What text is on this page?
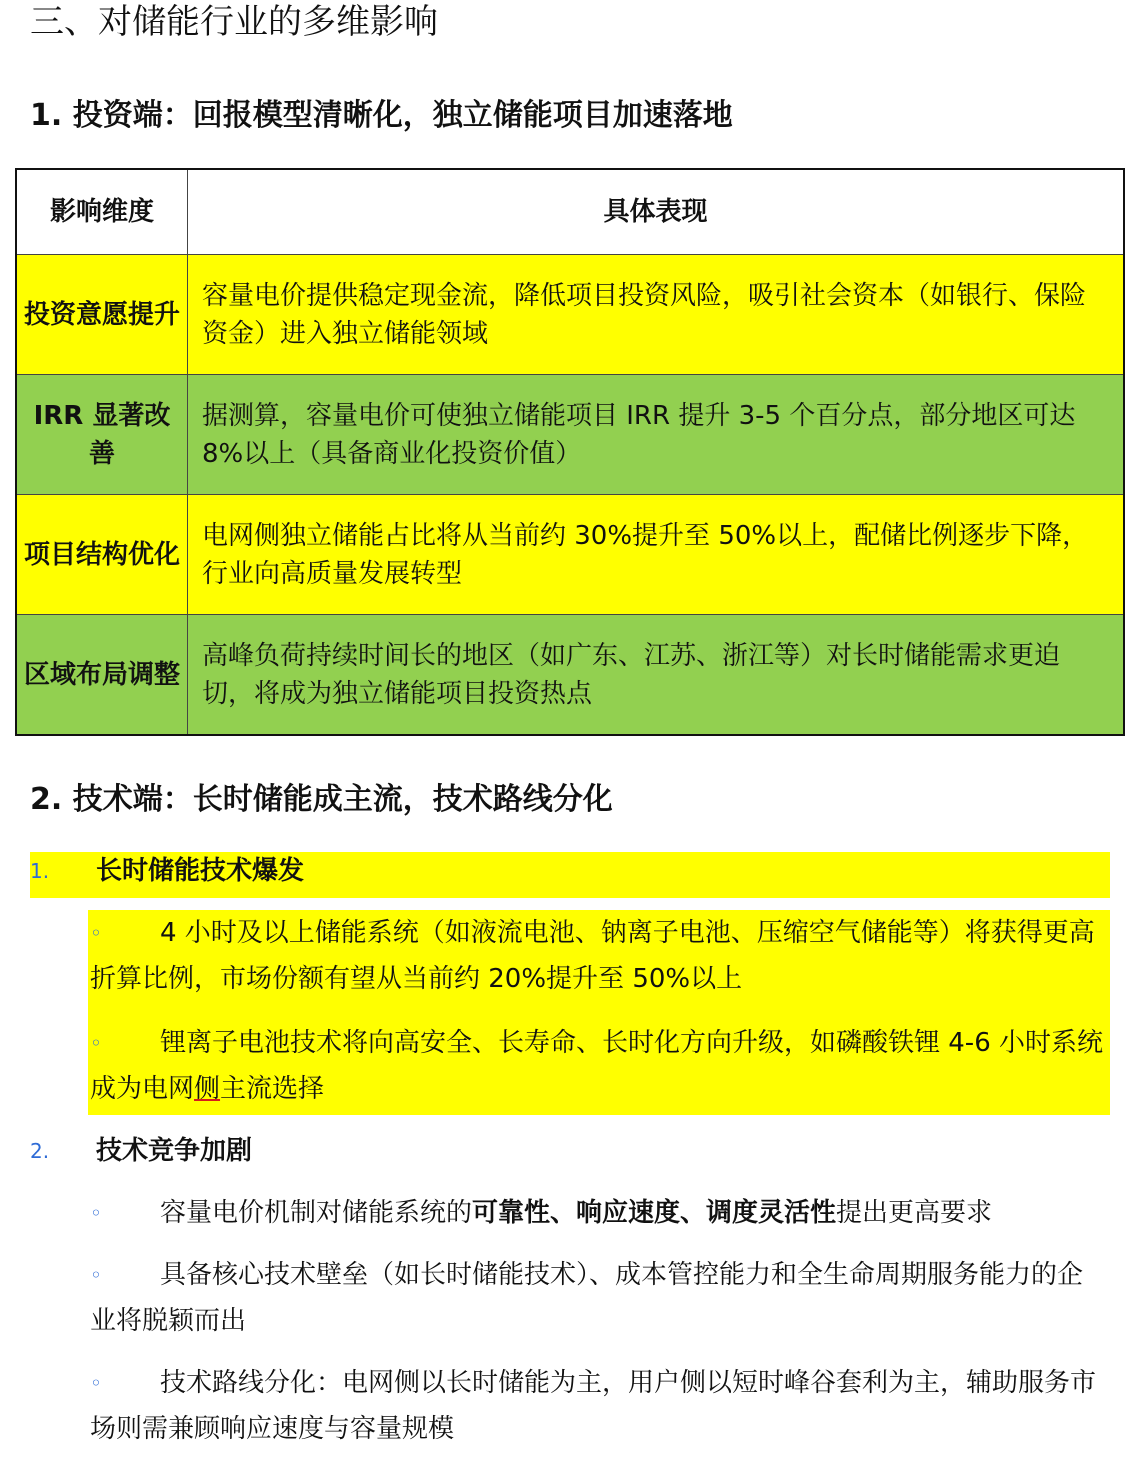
三、对储能行业的多维影响
1. 投资端：回报模型清晰化，独立储能项目加速落地
影响维度	具体表现
投资意愿提升	容量电价提供稳定现金流，降低项目投资风险，吸引社会资本（如银行、保险资金）进入独立储能领域
IRR 显著改善	据测算，容量电价可使独立储能项目 IRR 提升 3-5 个百分点，部分地区可达 8%以上（具备商业化投资价值）
项目结构优化	电网侧独立储能占比将从当前约 30%提升至 50%以上，配储比例逐步下降，行业向高质量发展转型
区域布局调整	高峰负荷持续时间长的地区（如广东、江苏、浙江等）对长时储能需求更迫切，将成为独立储能项目投资热点
2. 技术端：长时储能成主流，技术路线分化
1. 长时储能技术爆发
◦ 4 小时及以上储能系统（如液流电池、钠离子电池、压缩空气储能等）将获得更高折算比例，市场份额有望从当前约 20%提升至 50%以上
◦ 锂离子电池技术将向高安全、长寿命、长时化方向升级，如磷酸铁锂 4-6 小时系统成为电网侧主流选择
2. 技术竞争加剧
◦ 容量电价机制对储能系统的可靠性、响应速度、调度灵活性提出更高要求
◦ 具备核心技术壁垒（如长时储能技术）、成本管控能力和全生命周期服务能力的企业将脱颖而出
◦ 技术路线分化：电网侧以长时储能为主，用户侧以短时峰谷套利为主，辅助服务市场则需兼顾响应速度与容量规模
